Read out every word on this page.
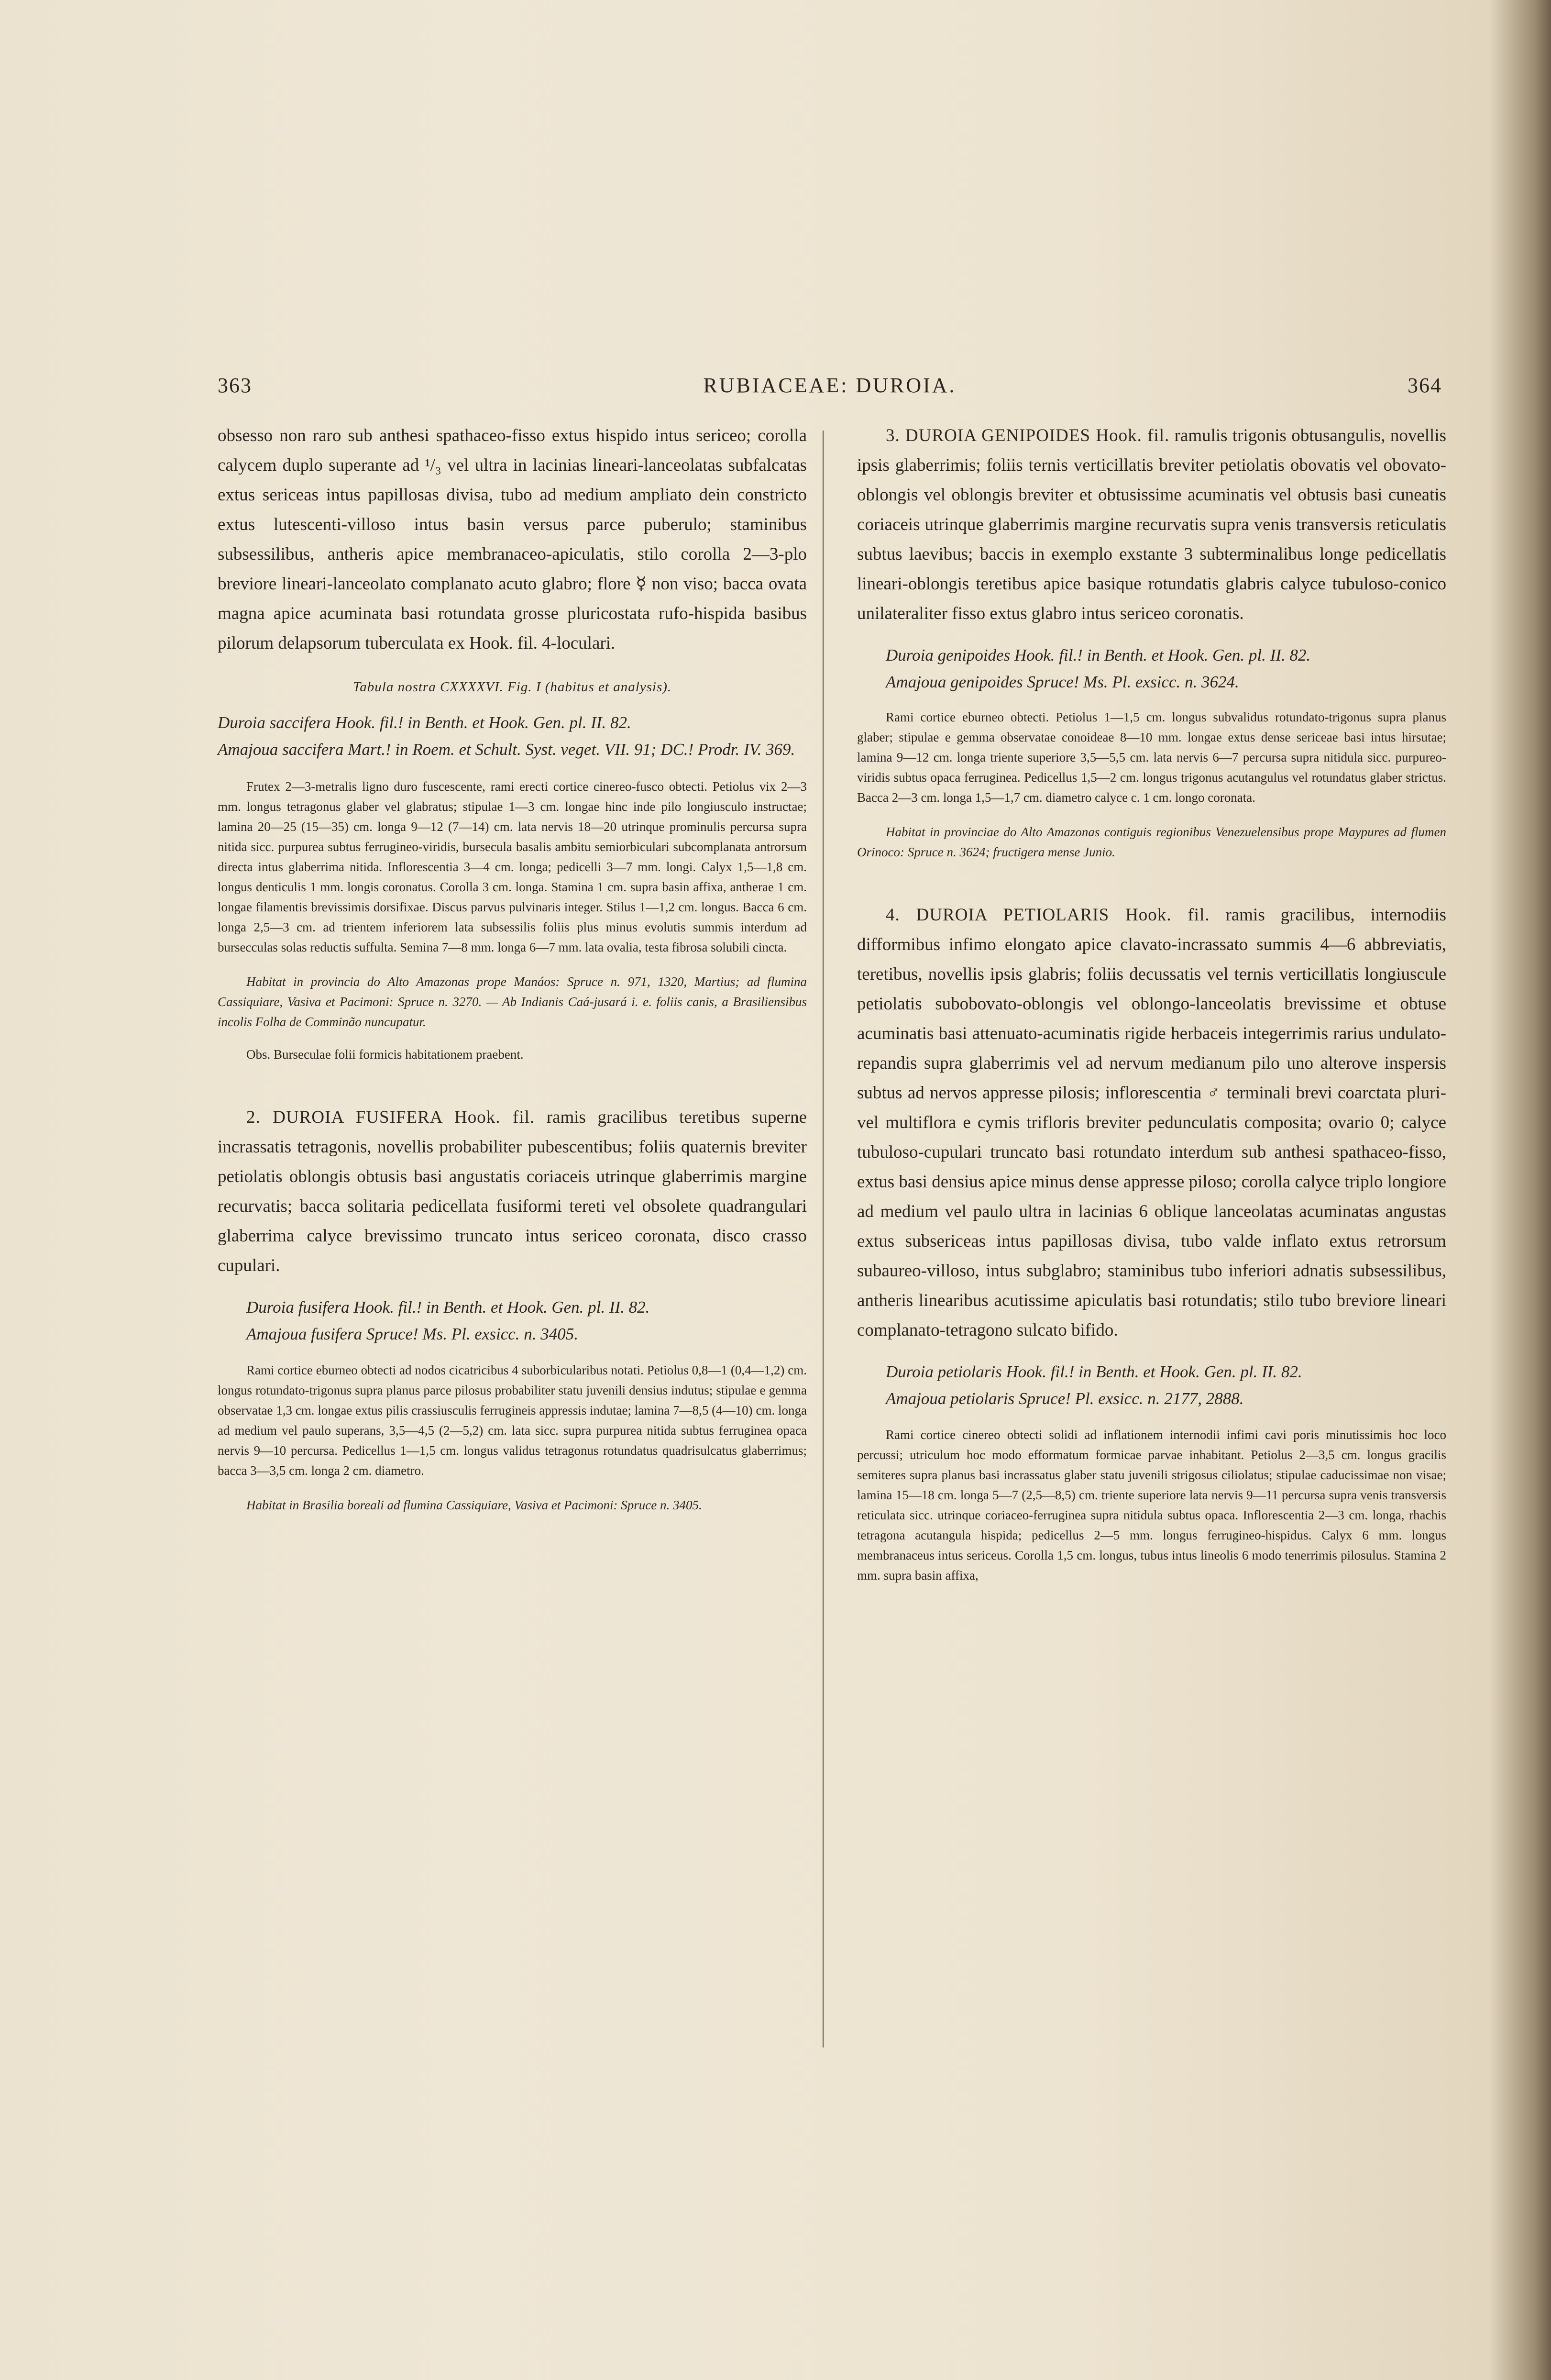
363	RUBIACEAE: DUROIA.	364

obsesso non raro sub anthesi spathaceo-fisso extus hispido intus sericeo; corolla calycem duplo superante ad ¹/₃ vel ultra in lacinias lineari-lanceolatas subfalcatas extus sericeas intus papillosas divisa, tubo ad medium ampliato dein constricto extus lutescenti-villoso intus basin versus parce puberulo; staminibus subsessilibus, antheris apice membranaceo-apiculatis, stilo corolla 2—3-plo breviore lineari-lanceolato complanato acuto glabro; flore ☿ non viso; bacca ovata magna apice acuminata basi rotundata grosse pluricostata rufo-hispida basibus pilorum delapsorum tuberculata ex Hook. fil. 4-loculari.

Tabula nostra CXXXXVI. Fig. I (habitus et analysis).

Duroia saccifera Hook. fil.! in Benth. et Hook. Gen. pl. II. 82.

Amajoua saccifera Mart.! in Roem. et Schult. Syst. veget. VII. 91; DC.! Prodr. IV. 369.

Frutex 2—3-metralis ligno duro fuscescente, rami erecti cortice cinereo-fusco obtecti. Petiolus vix 2—3 mm. longus tetragonus glaber vel glabratus; stipulae 1—3 cm. longae hinc inde pilo longiusculo instructae; lamina 20—25 (15—35) cm. longa 9—12 (7—14) cm. lata nervis 18—20 utrinque prominulis percursa supra nitida sicc. purpurea subtus ferrugineo-viridis, bursecula basalis ambitu semiorbiculari subcomplanata antrorsum directa intus glaberrima nitida. Inflorescentia 3—4 cm. longa; pedicelli 3—7 mm. longi. Calyx 1,5—1,8 cm. longus denticulis 1 mm. longis coronatus. Corolla 3 cm. longa. Stamina 1 cm. supra basin affixa, antherae 1 cm. longae filamentis brevissimis dorsifixae. Discus parvus pulvinaris integer. Stilus 1—1,2 cm. longus. Bacca 6 cm. longa 2,5—3 cm. ad trientem inferiorem lata subsessilis foliis plus minus evolutis summis interdum ad bursecculas solas reductis suffulta. Semina 7—8 mm. longa 6—7 mm. lata ovalia, testa fibrosa solubili cincta.

Habitat in provincia do Alto Amazonas prope Manáos: Spruce n. 971, 1320, Martius; ad flumina Cassiquiare, Vasiva et Pacimoni: Spruce n. 3270. — Ab Indianis Caá-jusará i. e. foliis canis, a Brasiliensibus incolis Folha de Comminão nuncupatur.

Obs. Burseculae folii formicis habitationem praebent.

2. DUROIA FUSIFERA Hook. fil. ramis gracilibus teretibus superne incrassatis tetragonis, novellis probabiliter pubescentibus; foliis quaternis breviter petiolatis oblongis obtusis basi angustatis coriaceis utrinque glaberrimis margine recurvatis; bacca solitaria pedicellata fusiformi tereti vel obsolete quadrangulari glaberrima calyce brevissimo truncato intus sericeo coronata, disco crasso cupulari.

Duroia fusifera Hook. fil.! in Benth. et Hook. Gen. pl. II. 82.

Amajoua fusifera Spruce! Ms. Pl. exsicc. n. 3405.

Rami cortice eburneo obtecti ad nodos cicatricibus 4 suborbicularibus notati. Petiolus 0,8—1 (0,4—1,2) cm. longus rotundato-trigonus supra planus parce pilosus probabiliter statu juvenili densius indutus; stipulae e gemma observatae 1,3 cm. longae extus pilis crassiusculis ferrugineis appressis indutae; lamina 7—8,5 (4—10) cm. longa ad medium vel paulo superans, 3,5—4,5 (2—5,2) cm. lata sicc. supra purpurea nitida subtus ferruginea opaca nervis 9—10 percursa. Pedicellus 1—1,5 cm. longus validus tetragonus rotundatus quadrisulcatus glaberrimus; bacca 3—3,5 cm. longa 2 cm. diametro.

Habitat in Brasilia boreali ad flumina Cassiquiare, Vasiva et Pacimoni: Spruce n. 3405.

3. DUROIA GENIPOIDES Hook. fil. ramulis trigonis obtusangulis, novellis ipsis glaberrimis; foliis ternis verticillatis breviter petiolatis obovatis vel obovato-oblongis vel oblongis breviter et obtusissime acuminatis vel obtusis basi cuneatis coriaceis utrinque glaberrimis margine recurvatis supra venis transversis reticulatis subtus laevibus; baccis in exemplo exstante 3 subterminalibus longe pedicellatis lineari-oblongis teretibus apice basique rotundatis glabris calyce tubuloso-conico unilateraliter fisso extus glabro intus sericeo coronatis.

Duroia genipoides Hook. fil.! in Benth. et Hook. Gen. pl. II. 82.

Amajoua genipoides Spruce! Ms. Pl. exsicc. n. 3624.

Rami cortice eburneo obtecti. Petiolus 1—1,5 cm. longus subvalidus rotundato-trigonus supra planus glaber; stipulae e gemma observatae conoideae 8—10 mm. longae extus dense sericeae basi intus hirsutae; lamina 9—12 cm. longa triente superiore 3,5—5,5 cm. lata nervis 6—7 percursa supra nitidula sicc. purpureo-viridis subtus opaca ferruginea. Pedicellus 1,5—2 cm. longus trigonus acutangulus vel rotundatus glaber strictus. Bacca 2—3 cm. longa 1,5—1,7 cm. diametro calyce c. 1 cm. longo coronata.

Habitat in provinciae do Alto Amazonas contiguis regionibus Venezuelensibus prope Maypures ad flumen Orinoco: Spruce n. 3624; fructigera mense Junio.

4. DUROIA PETIOLARIS Hook. fil. ramis gracilibus, internodiis difformibus infimo elongato apice clavato-incrassato summis 4—6 abbreviatis, teretibus, novellis ipsis glabris; foliis decussatis vel ternis verticillatis longiuscule petiolatis subobovato-oblongis vel oblongo-lanceolatis brevissime et obtuse acuminatis basi attenuato-acuminatis rigide herbaceis integerrimis rarius undulato-repandis supra glaberrimis vel ad nervum medianum pilo uno alterove inspersis subtus ad nervos appresse pilosis; inflorescentia ♂ terminali brevi coarctata pluri- vel multiflora e cymis trifloris breviter pedunculatis composita; ovario 0; calyce tubuloso-cupulari truncato basi rotundato interdum sub anthesi spathaceo-fisso, extus basi densius apice minus dense appresse piloso; corolla calyce triplo longiore ad medium vel paulo ultra in lacinias 6 oblique lanceolatas acuminatas angustas extus subsericeas intus papillosas divisa, tubo valde inflato extus retrorsum subaureo-villoso, intus subglabro; staminibus tubo inferiori adnatis subsessilibus, antheris linearibus acutissime apiculatis basi rotundatis; stilo tubo breviore lineari complanato-tetragono sulcato bifido.

Duroia petiolaris Hook. fil.! in Benth. et Hook. Gen. pl. II. 82.

Amajoua petiolaris Spruce! Pl. exsicc. n. 2177, 2888.

Rami cortice cinereo obtecti solidi ad inflationem internodii infimi cavi poris minutissimis hoc loco percussi; utriculum hoc modo efformatum formicae parvae inhabitant. Petiolus 2—3,5 cm. longus gracilis semiteres supra planus basi incrassatus glaber statu juvenili strigosus ciliolatus; stipulae caducissimae non visae; lamina 15—18 cm. longa 5—7 (2,5—8,5) cm. triente superiore lata nervis 9—11 percursa supra venis transversis reticulata sicc. utrinque coriaceo-ferruginea supra nitidula subtus opaca. Inflorescentia 2—3 cm. longa, rhachis tetragona acutangula hispida; pedicellus 2—5 mm. longus ferrugineo-hispidus. Calyx 6 mm. longus membranaceus intus sericeus. Corolla 1,5 cm. longus, tubus intus lineolis 6 modo tenerrimis pilosulus. Stamina 2 mm. supra basin affixa,
